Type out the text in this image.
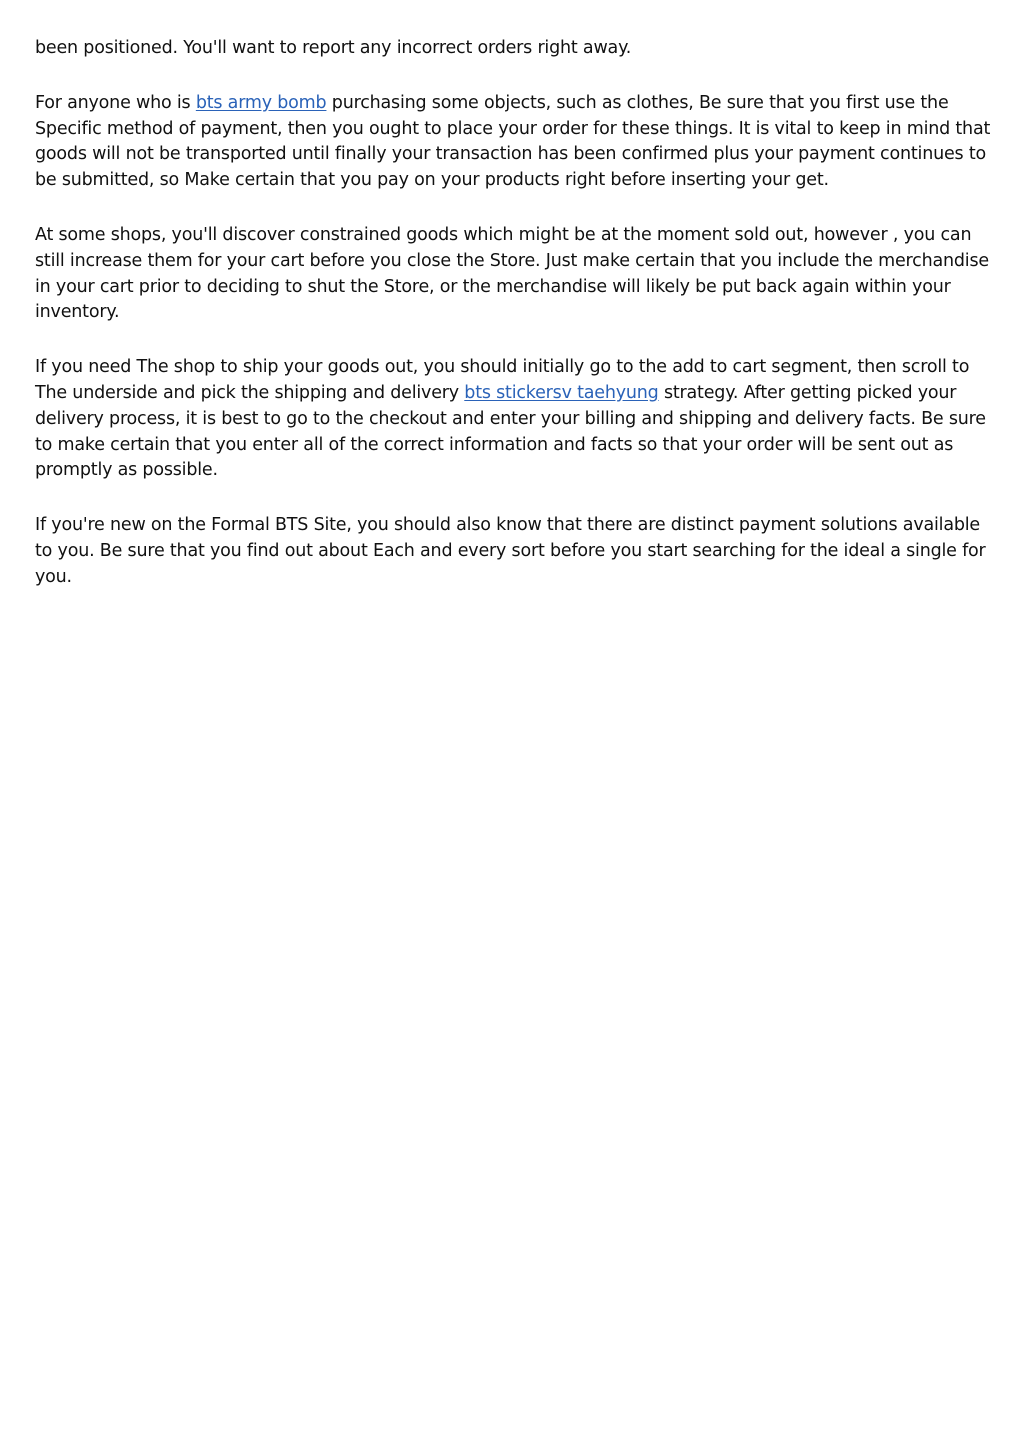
been positioned. You'll want to report any incorrect orders right away.

For anyone who is bts army bomb purchasing some objects, such as clothes, Be sure that you first use the Specific method of payment, then you ought to place your order for these things. It is vital to keep in mind that goods will not be transported until finally your transaction has been confirmed plus your payment continues to be submitted, so Make certain that you pay on your products right before inserting your get.

At some shops, you'll discover constrained goods which might be at the moment sold out, however , you can still increase them for your cart before you close the Store. Just make certain that you include the merchandise in your cart prior to deciding to shut the Store, or the merchandise will likely be put back again within your inventory.

If you need The shop to ship your goods out, you should initially go to the add to cart segment, then scroll to The underside and pick the shipping and delivery bts stickersv taehyung strategy. After getting picked your delivery process, it is best to go to the checkout and enter your billing and shipping and delivery facts. Be sure to make certain that you enter all of the correct information and facts so that your order will be sent out as promptly as possible.

If you're new on the Formal BTS Site, you should also know that there are distinct payment solutions available to you. Be sure that you find out about Each and every sort before you start searching for the ideal a single for you.
